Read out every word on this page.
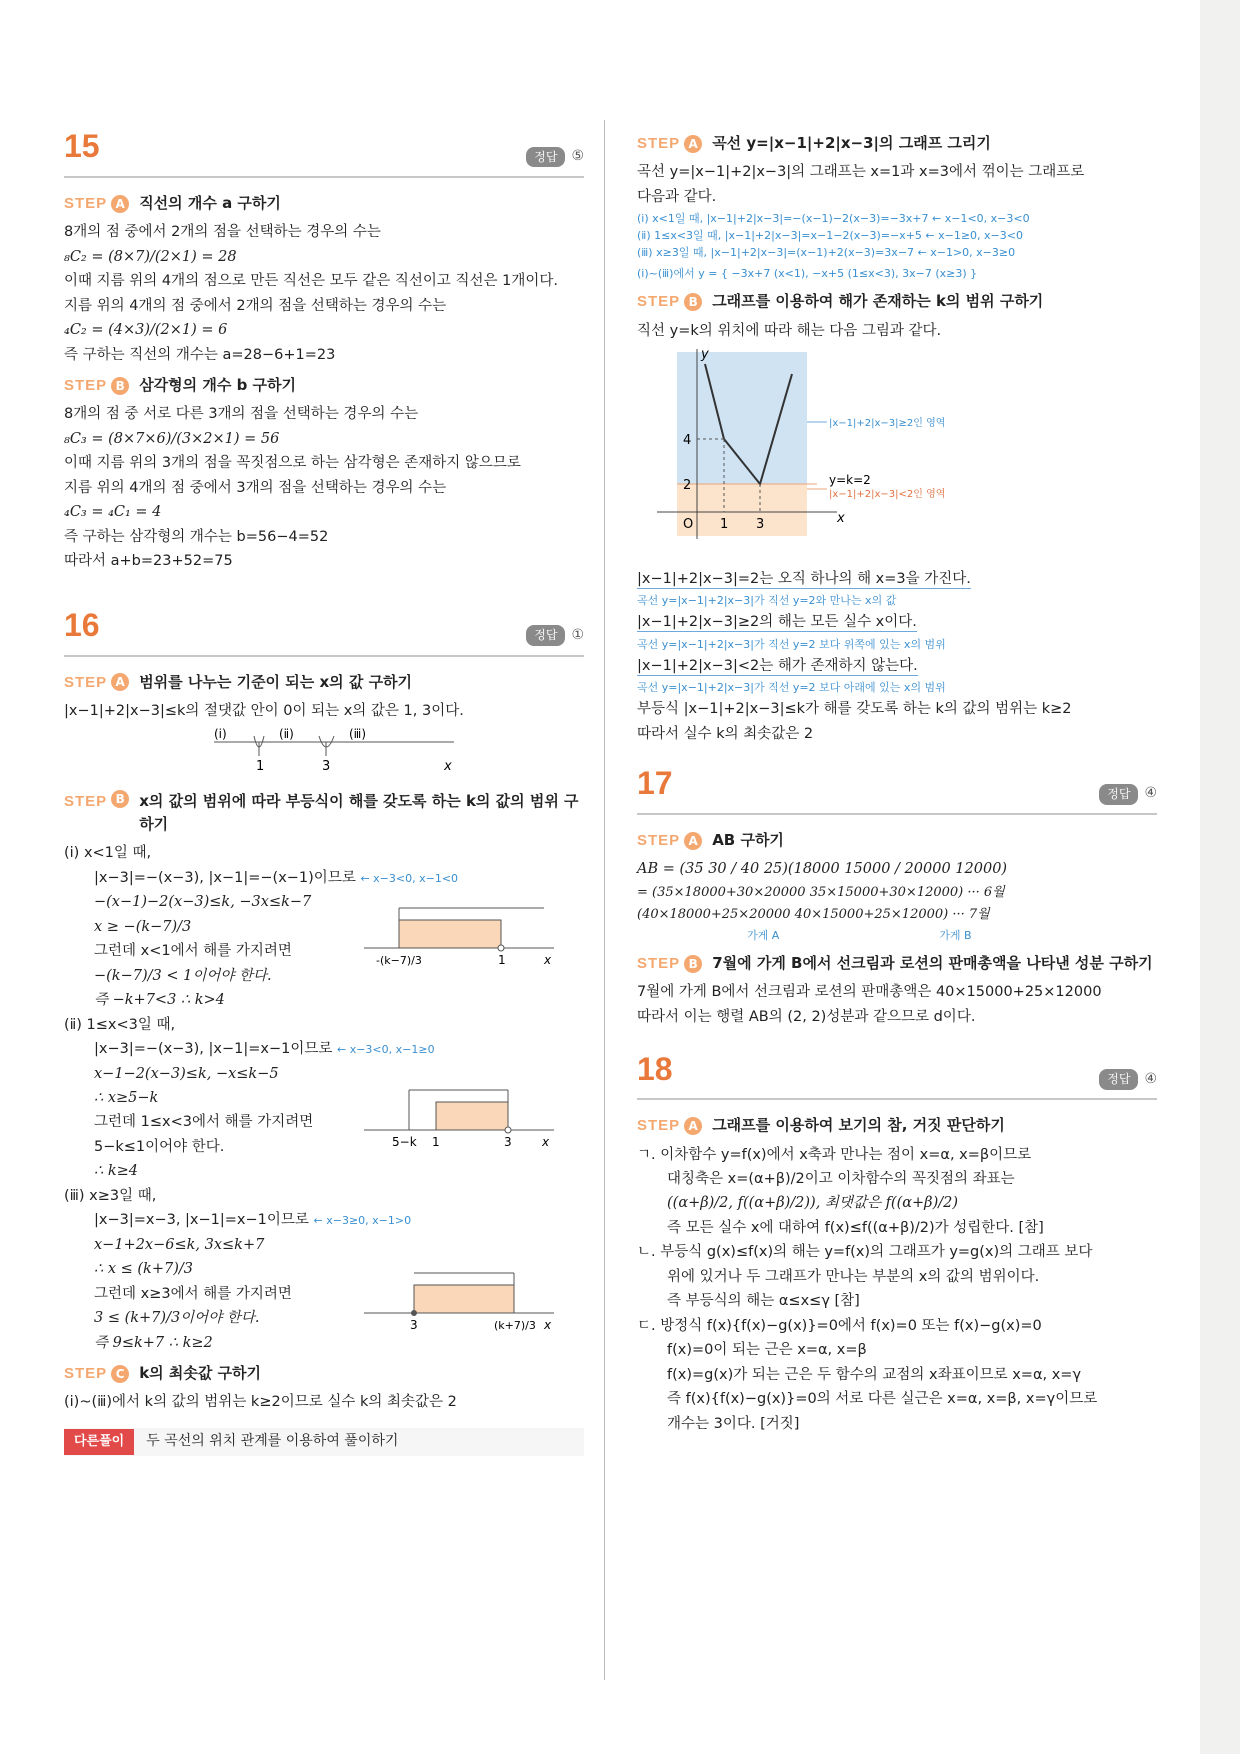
15	정답	⑤
STEP A 직선의 개수 a 구하기
8개의 점 중에서 2개의 점을 선택하는 경우의 수는
₈C₂ = (8×7)/(2×1) = 28
이때 지름 위의 4개의 점으로 만든 직선은 모두 같은 직선이고 직선은 1개이다.
지름 위의 4개의 점 중에서 2개의 점을 선택하는 경우의 수는
₄C₂ = (4×3)/(2×1) = 6
즉 구하는 직선의 개수는 a=28−6+1=23
STEP B 삼각형의 개수 b 구하기
8개의 점 중 서로 다른 3개의 점을 선택하는 경우의 수는
₈C₃ = (8×7×6)/(3×2×1) = 56
이때 지름 위의 3개의 점을 꼭짓점으로 하는 삼각형은 존재하지 않으므로
지름 위의 4개의 점 중에서 3개의 점을 선택하는 경우의 수는
₄C₃ = ₄C₁ = 4
즉 구하는 삼각형의 개수는 b=56−4=52
따라서 a+b=23+52=75
16	정답	①
STEP A 범위를 나누는 기준이 되는 x의 값 구하기
|x−1|+2|x−3|≤k의 절댓값 안이 0이 되는 x의 값은 1, 3이다.
(ⅰ)	(ⅱ)	(ⅲ)
1	3	x
STEP B x의 값의 범위에 따라 부등식이 해를 갖도록 하는 k의 값의 범위 구하기
(ⅰ) x<1일 때,
|x−3|=−(x−3), |x−1|=−(x−1)이므로 ← x−3<0, x−1<0
−(x−1)−2(x−3)≤k, −3x≤k−7
x ≥ −(k−7)/3
그런데 x<1에서 해를 가지려면
−(k−7)/3 < 1이어야 한다.
즉 −k+7<3 ∴ k>4
-(k−7)/3	1	x
(ⅱ) 1≤x<3일 때,
|x−3|=−(x−3), |x−1|=x−1이므로 ← x−3<0, x−1≥0
x−1−2(x−3)≤k, −x≤k−5
∴ x≥5−k
그런데 1≤x<3에서 해를 가지려면
5−k≤1이어야 한다.
∴ k≥4
5−k 1	3	x
(ⅲ) x≥3일 때,
|x−3|=x−3, |x−1|=x−1이므로 ← x−3≥0, x−1>0
x−1+2x−6≤k, 3x≤k+7
∴ x ≤ (k+7)/3
그런데 x≥3에서 해를 가지려면
3 ≤ (k+7)/3이어야 한다.
즉 9≤k+7 ∴ k≥2
3	(k+7)/3 x
STEP C k의 최솟값 구하기
(ⅰ)~(ⅲ)에서 k의 값의 범위는 k≥2이므로 실수 k의 최솟값은 2
다른풀이	두 곡선의 위치 관계를 이용하여 풀이하기
STEP A 곡선 y=|x−1|+2|x−3|의 그래프 그리기
곡선 y=|x−1|+2|x−3|의 그래프는 x=1과 x=3에서 꺾이는 그래프로
다음과 같다.
(ⅰ) x<1일 때, |x−1|+2|x−3|=−(x−1)−2(x−3)=−3x+7 ← x−1<0, x−3<0
(ⅱ) 1≤x<3일 때, |x−1|+2|x−3|=x−1−2(x−3)=−x+5 ← x−1≥0, x−3<0
(ⅲ) x≥3일 때, |x−1|+2|x−3|=(x−1)+2(x−3)=3x−7 ← x−1>0, x−3≥0
(ⅰ)~(ⅲ)에서 y = { −3x+7 (x<1), −x+5 (1≤x<3), 3x−7 (x≥3) }
STEP B 그래프를 이용하여 해가 존재하는 k의 범위 구하기
직선 y=k의 위치에 따라 해는 다음 그림과 같다.
y
x
O 1 3
2
4
y=k=2
|x−1|+2|x−3|≥2인 영역
|x−1|+2|x−3|<2인 영역
|x−1|+2|x−3|=2는 오직 하나의 해 x=3을 가진다.
곡선 y=|x−1|+2|x−3|가 직선 y=2와 만나는 x의 값
|x−1|+2|x−3|≥2의 해는 모든 실수 x이다.
곡선 y=|x−1|+2|x−3|가 직선 y=2 보다 위쪽에 있는 x의 범위
|x−1|+2|x−3|<2는 해가 존재하지 않는다.
곡선 y=|x−1|+2|x−3|가 직선 y=2 보다 아래에 있는 x의 범위
부등식 |x−1|+2|x−3|≤k가 해를 갖도록 하는 k의 값의 범위는 k≥2
따라서 실수 k의 최솟값은 2
17	정답	④
STEP A AB 구하기
AB = (35 30 / 40 25)(18000 15000 / 20000 12000)
= (35×18000+30×20000 35×15000+30×12000) ··· 6월
(40×18000+25×20000 40×15000+25×12000) ··· 7월
가게 A	가게 B
STEP B 7월에 가게 B에서 선크림과 로션의 판매총액을 나타낸 성분 구하기
7월에 가게 B에서 선크림과 로션의 판매총액은 40×15000+25×12000
따라서 이는 행렬 AB의 (2, 2)성분과 같으므로 d이다.
18	정답	④
STEP A 그래프를 이용하여 보기의 참, 거짓 판단하기
ㄱ. 이차함수 y=f(x)에서 x축과 만나는 점이 x=α, x=β이므로
대칭축은 x=(α+β)/2이고 이차함수의 꼭짓점의 좌표는
((α+β)/2, f((α+β)/2)), 최댓값은 f((α+β)/2)
즉 모든 실수 x에 대하여 f(x)≤f((α+β)/2)가 성립한다. [참]
ㄴ. 부등식 g(x)≤f(x)의 해는 y=f(x)의 그래프가 y=g(x)의 그래프 보다
위에 있거나 두 그래프가 만나는 부분의 x의 값의 범위이다.
즉 부등식의 해는 α≤x≤γ [참]
ㄷ. 방정식 f(x){f(x)−g(x)}=0에서 f(x)=0 또는 f(x)−g(x)=0
f(x)=0이 되는 근은 x=α, x=β
f(x)=g(x)가 되는 근은 두 함수의 교점의 x좌표이므로 x=α, x=γ
즉 f(x){f(x)−g(x)}=0의 서로 다른 실근은 x=α, x=β, x=γ이므로
개수는 3이다. [거짓]
